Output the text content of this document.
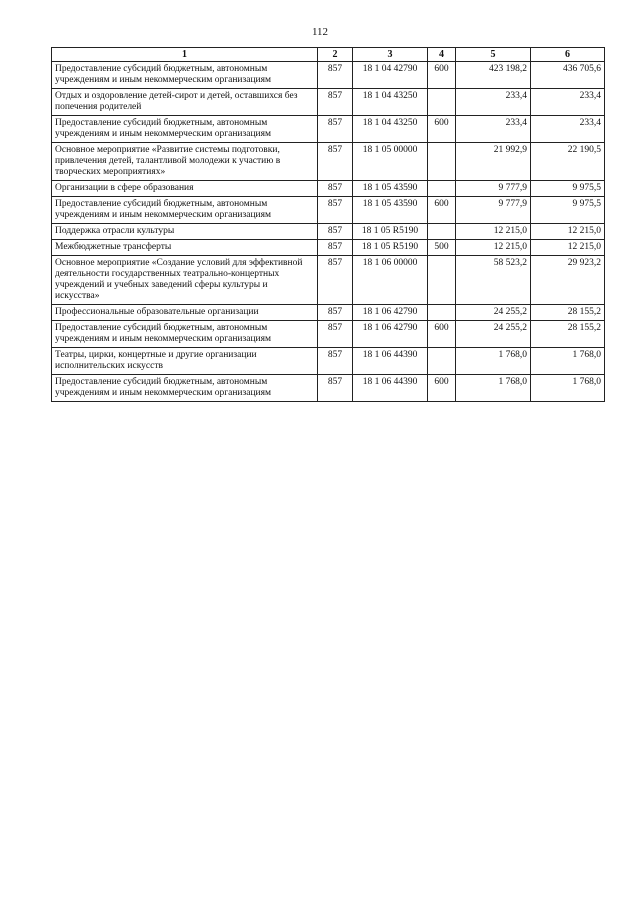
112
1	2	3	4	5	6
Предоставление субсидий бюджетным, автономным учреждениям и иным некоммерческим организациям	857	18 1 04 42790	600	423 198,2	436 705,6
Отдых и оздоровление детей-сирот и детей, оставшихся без попечения родителей	857	18 1 04 43250		233,4	233,4
Предоставление субсидий бюджетным, автономным учреждениям и иным некоммерческим организациям	857	18 1 04 43250	600	233,4	233,4
Основное мероприятие «Развитие системы подготовки, привлечения детей, талантливой молодежи к участию в творческих мероприятиях»	857	18 1 05 00000		21 992,9	22 190,5
Организации в сфере образования	857	18 1 05 43590		9 777,9	9 975,5
Предоставление субсидий бюджетным, автономным учреждениям и иным некоммерческим организациям	857	18 1 05 43590	600	9 777,9	9 975,5
Поддержка отрасли культуры	857	18 1 05 R5190		12 215,0	12 215,0
Межбюджетные трансферты	857	18 1 05 R5190	500	12 215,0	12 215,0
Основное мероприятие «Создание условий для эффективной деятельности государственных театрально-концертных учреждений и учебных заведений сферы культуры и искусства»	857	18 1 06 00000		58 523,2	29 923,2
Профессиональные образовательные организации	857	18 1 06 42790		24 255,2	28 155,2
Предоставление субсидий бюджетным, автономным учреждениям и иным некоммерческим организациям	857	18 1 06 42790	600	24 255,2	28 155,2
Театры, цирки, концертные и другие организации исполнительских искусств	857	18 1 06 44390		1 768,0	1 768,0
Предоставление субсидий бюджетным, автономным учреждениям и иным некоммерческим организациям	857	18 1 06 44390	600	1 768,0	1 768,0
